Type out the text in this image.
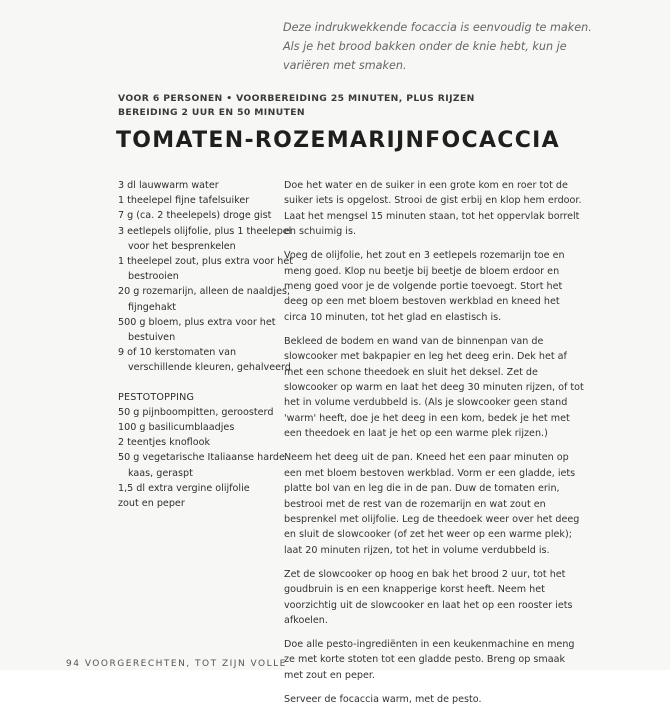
Deze indrukwekkende focaccia is eenvoudig te maken. Als je het brood bakken onder de knie hebt, kun je variëren met smaken.

VOOR 6 PERSONEN • VOORBEREIDING 25 MINUTEN, PLUS RIJZEN
BEREIDING 2 UUR EN 50 MINUTEN
TOMATEN-ROZEMARIJNFOCACCIA
3 dl lauwwarm water
1 theelepel fijne tafelsuiker
7 g (ca. 2 theelepels) droge gist
3 eetlepels olijfolie, plus 1 theelepel voor het besprenkelen
1 theelepel zout, plus extra voor het bestrooien
20 g rozemarijn, alleen de naaldjes, fijngehakt
500 g bloem, plus extra voor het bestuiven
9 of 10 kerstomaten van verschillende kleuren, gehalveerd
PESTOTOPPING
50 g pijnboompitten, geroosterd
100 g basilicumblaadjes
2 teentjes knoflook
50 g vegetarische Italiaanse harde kaas, geraspt
1,5 dl extra vergine olijfolie
zout en peper

Doe het water en de suiker in een grote kom en roer tot de suiker iets is opgelost. Strooi de gist erbij en klop hem erdoor. Laat het mengsel 15 minuten staan, tot het oppervlak borrelt en schuimig is.

Voeg de olijfolie, het zout en 3 eetlepels rozemarijn toe en meng goed. Klop nu beetje bij beetje de bloem erdoor en meng goed voor je de volgende portie toevoegt. Stort het deeg op een met bloem bestoven werkblad en kneed het circa 10 minuten, tot het glad en elastisch is.

Bekleed de bodem en wand van de binnenpan van de slowcooker met bakpapier en leg het deeg erin. Dek het af met een schone theedoek en sluit het deksel. Zet de slowcooker op warm en laat het deeg 30 minuten rijzen, of tot het in volume verdubbeld is. (Als je slowcooker geen stand 'warm' heeft, doe je het deeg in een kom, bedek je het met een theedoek en laat je het op een warme plek rijzen.)

Neem het deeg uit de pan. Kneed het een paar minuten op een met bloem bestoven werkblad. Vorm er een gladde, iets platte bol van en leg die in de pan. Duw de tomaten erin, bestrooi met de rest van de rozemarijn en wat zout en besprenkel met olijfolie. Leg de theedoek weer over het deeg en sluit de slowcooker (of zet het weer op een warme plek); laat 20 minuten rijzen, tot het in volume verdubbeld is.

Zet de slowcooker op hoog en bak het brood 2 uur, tot het goudbruin is en een knapperige korst heeft. Neem het voorzichtig uit de slowcooker en laat het op een rooster iets afkoelen.

Doe alle pesto-ingrediënten in een keukenmachine en meng ze met korte stoten tot een gladde pesto. Breng op smaak met zout en peper.

Serveer de focaccia warm, met de pesto.

94 VOORGERECHTEN, TOT ZIJN VOLLE
